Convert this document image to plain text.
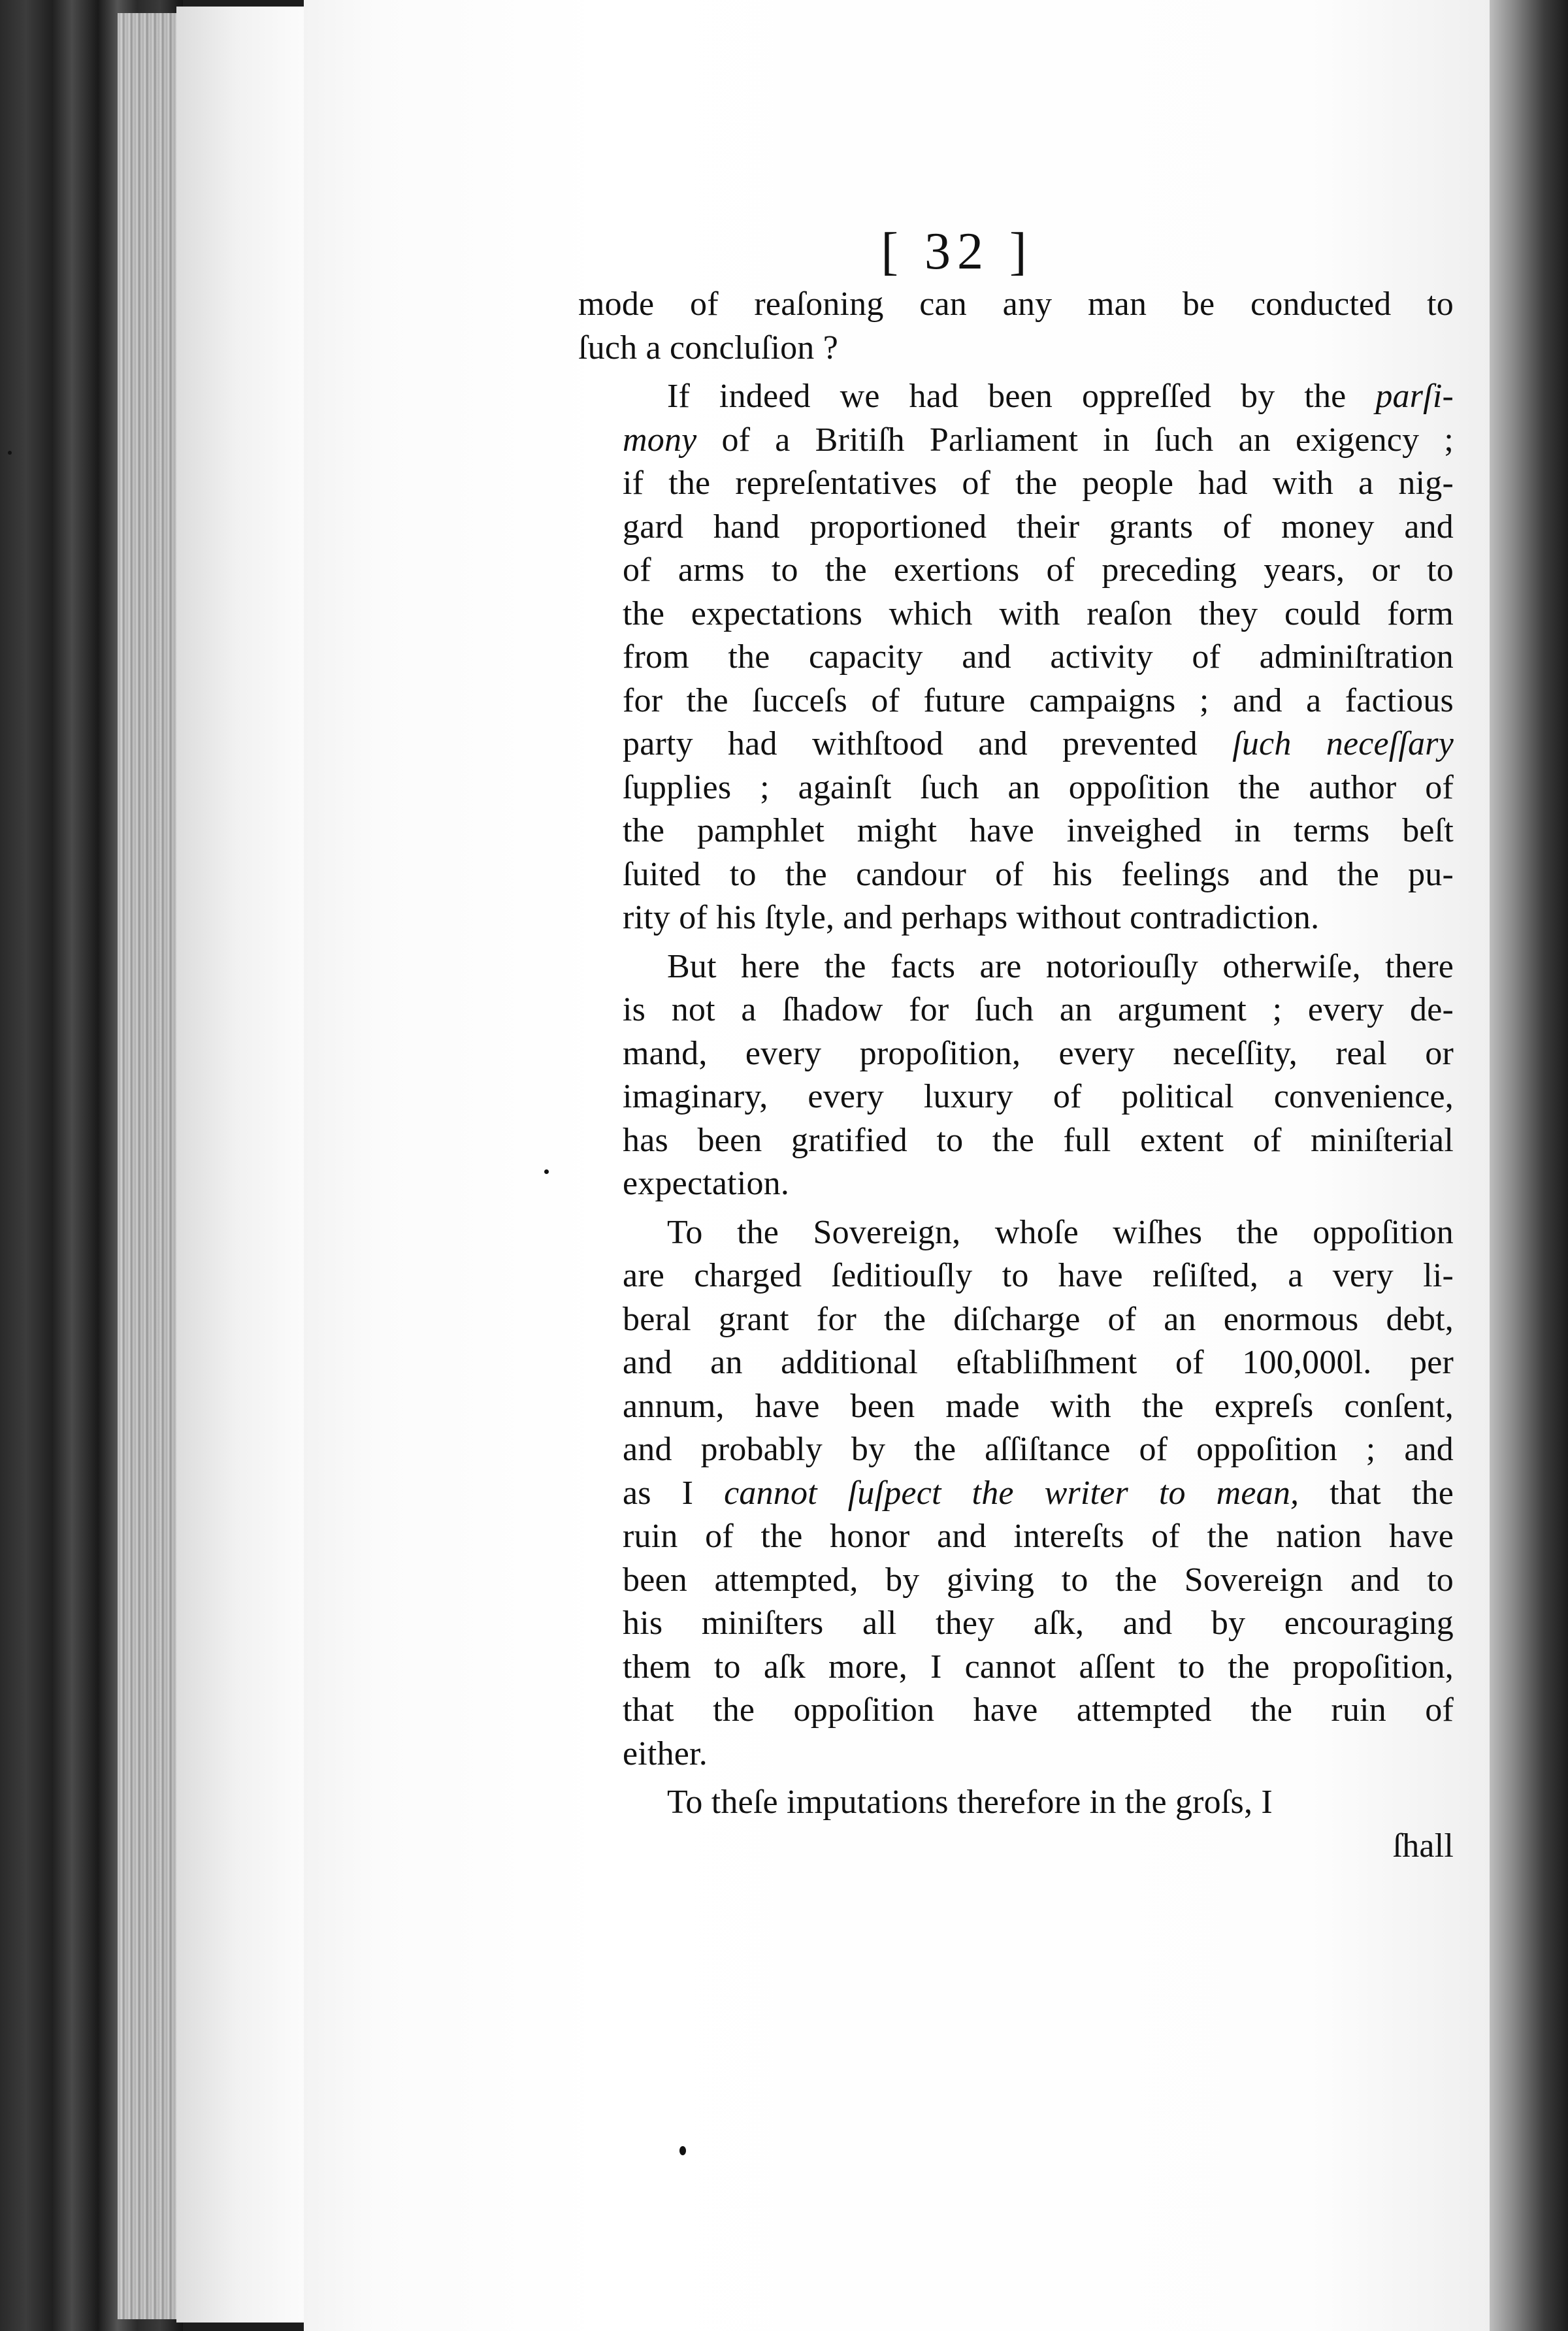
[ 32 ]
mode of reaſoning can any man be conducted to
ſuch a concluſion ?
If indeed we had been oppreſſed by the parſi-
mony of a Britiſh Parliament in ſuch an exigency ;
if the repreſentatives of the people had with a nig-
gard hand proportioned their grants of money and
of arms to the exertions of preceding years, or to
the expectations which with reaſon they could form
from the capacity and activity of adminiſtration
for the ſucceſs of future campaigns ; and a factious
party had withſtood and prevented ſuch neceſſary
ſupplies ; againſt ſuch an oppoſition the author of
the pamphlet might have inveighed in terms beſt
ſuited to the candour of his feelings and the pu-
rity of his ſtyle, and perhaps without contradiction.
But here the facts are notoriouſly otherwiſe, there
is not a ſhadow for ſuch an argument ; every de-
mand, every propoſition, every neceſſity, real or
imaginary, every luxury of political convenience,
has been gratified to the full extent of miniſterial
expectation.
To the Sovereign, whoſe wiſhes the oppoſition
are charged ſeditiouſly to have reſiſted, a very li-
beral grant for the diſcharge of an enormous debt,
and an additional eſtabliſhment of 100,000l. per
annum, have been made with the expreſs conſent,
and probably by the aſſiſtance of oppoſition ; and
as I cannot ſuſpect the writer to mean, that the
ruin of the honor and intereſts of the nation have
been attempted, by giving to the Sovereign and to
his miniſters all they aſk, and by encouraging
them to aſk more, I cannot aſſent to the propoſition,
that the oppoſition have attempted the ruin of
either.
To theſe imputations therefore in the groſs, I
ſhall
